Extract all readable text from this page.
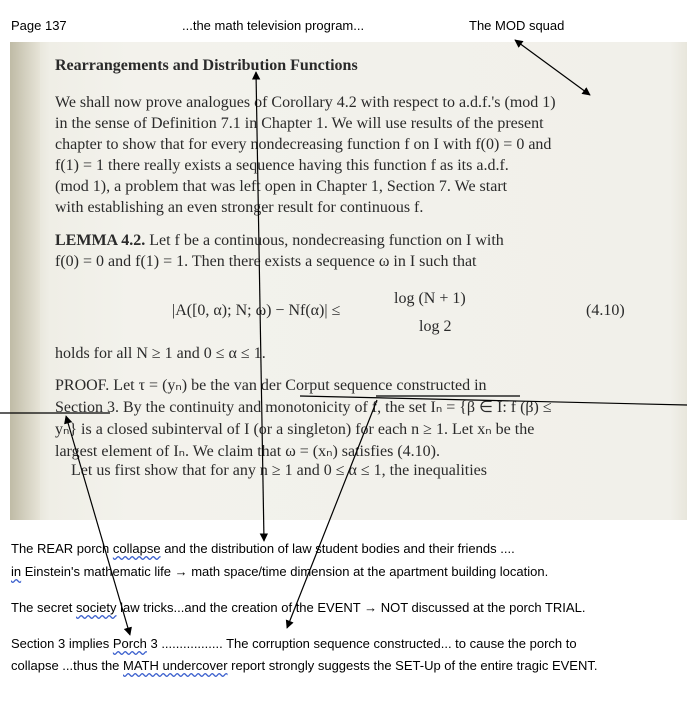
Page 137	...the math television program...	The MOD squad
Rearrangements and Distribution Functions
We shall now prove analogues of Corollary 4.2 with respect to a.d.f.'s (mod 1)
in the sense of Definition 7.1 in Chapter 1. We will use results of the present
chapter to show that for every nondecreasing function f on I with f(0) = 0 and
f(1) = 1 there really exists a sequence having this function f as its a.d.f.
(mod 1), a problem that was left open in Chapter 1, Section 7. We start
with establishing an even stronger result for continuous f.
LEMMA 4.2. Let f be a continuous, nondecreasing function on I with
f(0) = 0 and f(1) = 1. Then there exists a sequence ω in I such that
|A([0, α); N; ω) − Nf(α)| ≤
log (N + 1)
log 2
(4.10)
holds for all N ≥ 1 and 0 ≤ α ≤ 1.
PROOF. Let τ = (yₙ) be the van der Corput sequence constructed in
Section 3. By the continuity and monotonicity of f, the set Iₙ = {β ∈ I: f (β) ≤
yₙ} is a closed subinterval of I (or a singleton) for each n ≥ 1. Let xₙ be the
largest element of Iₙ. We claim that ω = (xₙ) satisfies (4.10).
Let us first show that for any n ≥ 1 and 0 ≤ α ≤ 1, the inequalities
The REAR porch collapse and the distribution of law student bodies and their friends ....
in Einstein's mathematic life → math space/time dimension at the apartment building location.
The secret society law tricks...and the creation of the EVENT → NOT discussed at the porch TRIAL.
Section 3 implies Porch 3 ................. The corruption sequence constructed... to cause the porch to
collapse ...thus the MATH undercover report strongly suggests the SET-Up of the entire tragic EVENT.
